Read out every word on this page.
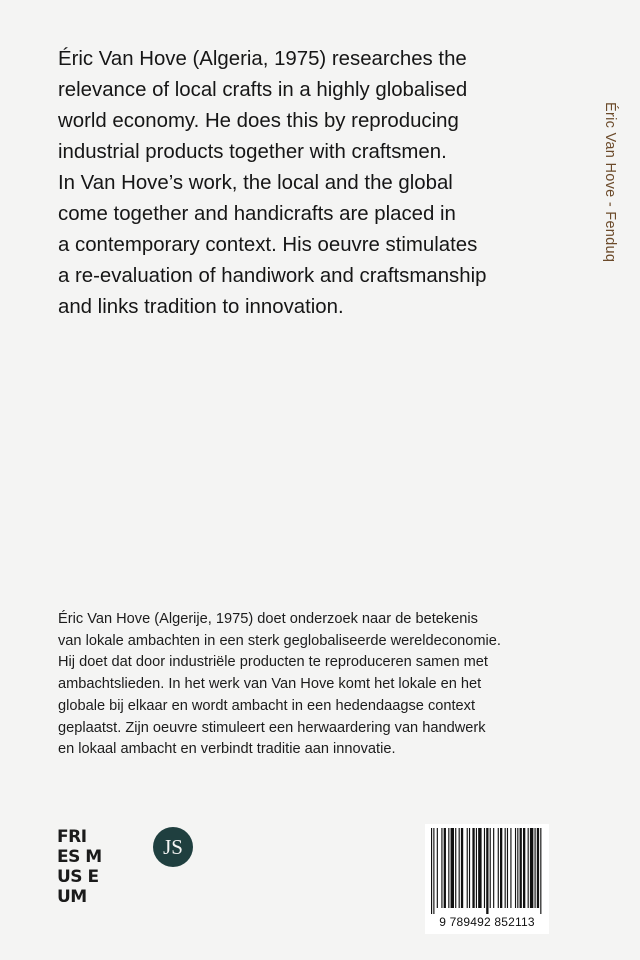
Éric Van Hove (Algeria, 1975) researches the
relevance of local crafts in a highly globalised
world economy. He does this by reproducing
industrial products together with craftsmen.
In Van Hove’s work, the local and the global
come together and handicrafts are placed in
a contemporary context. His oeuvre stimulates
a re-evaluation of handiwork and craftsmanship
and links tradition to innovation.
Éric Van Hove - Fenduq
Éric Van Hove (Algerije, 1975) doet onderzoek naar de betekenis
van lokale ambachten in een sterk geglobaliseerde wereldeconomie.
Hij doet dat door industriële producten te reproduceren samen met
ambachtslieden. In het werk van Van Hove komt het lokale en het
globale bij elkaar en wordt ambacht in een hedendaagse context
geplaatst. Zijn oeuvre stimuleert een herwaardering van handwerk
en lokaal ambacht en verbindt traditie aan innovatie.
FRI
ES M
US E
UM
JS
9 789492 852113
